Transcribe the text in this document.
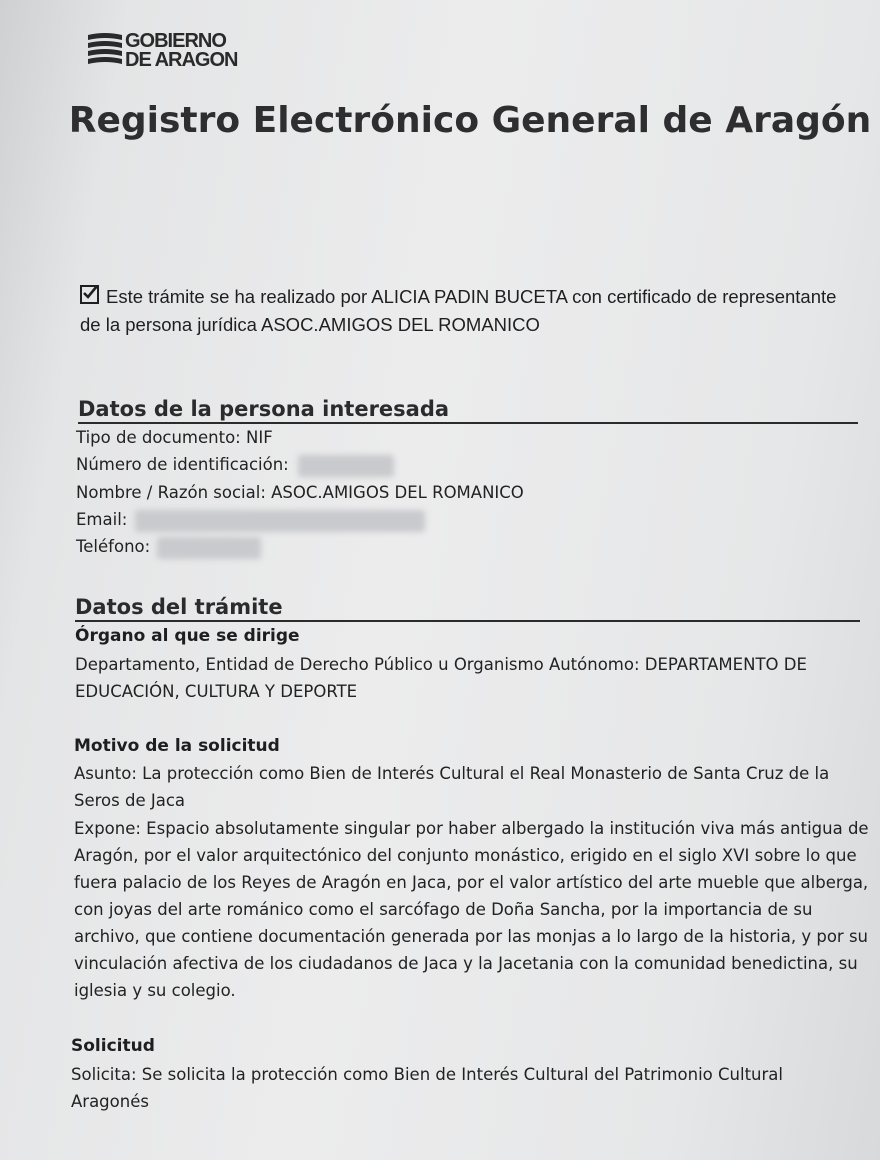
GOBIERNO
DE ARAGON
Registro Electrónico General de Aragón
Este trámite se ha realizado por ALICIA PADIN BUCETA con certificado de representante de la persona jurídica ASOC.AMIGOS DEL ROMANICO
Datos de la persona interesada
Tipo de documento: NIF
Número de identificación:
Nombre / Razón social: ASOC.AMIGOS DEL ROMANICO
Email:
Teléfono:
Datos del trámite
Órgano al que se dirige
Departamento, Entidad de Derecho Público u Organismo Autónomo: DEPARTAMENTO DE EDUCACIÓN, CULTURA Y DEPORTE
Motivo de la solicitud
Asunto: La protección como Bien de Interés Cultural el Real Monasterio de Santa Cruz de la Seros de Jaca
Expone: Espacio absolutamente singular por haber albergado la institución viva más antigua de Aragón, por el valor arquitectónico del conjunto monástico, erigido en el siglo XVI sobre lo que fuera palacio de los Reyes de Aragón en Jaca, por el valor artístico del arte mueble que alberga, con joyas del arte románico como el sarcófago de Doña Sancha, por la importancia de su archivo, que contiene documentación generada por las monjas a lo largo de la historia, y por su vinculación afectiva de los ciudadanos de Jaca y la Jacetania con la comunidad benedictina, su iglesia y su colegio.
Solicitud
Solicita: Se solicita la protección como Bien de Interés Cultural del Patrimonio Cultural Aragonés
